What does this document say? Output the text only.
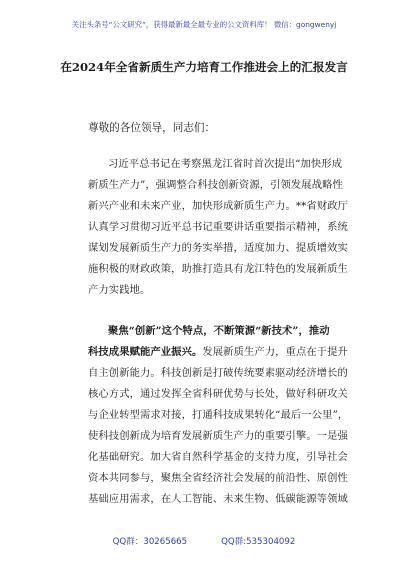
关注头条号“公文研究”，获得最新最全最专业的公文资料库！ 微信：gongwenyj
在2024年全省新质生产力培育工作推进会上的汇报发言
尊敬的各位领导，同志们：
习近平总书记在考察黑龙江省时首次提出“加快形成
新质生产力”，强调整合科技创新资源，引领发展战略性
新兴产业和未来产业，加快形成新质生产力。**省财政厅
认真学习贯彻习近平总书记重要讲话重要指示精神，系统
谋划发展新质生产力的务实举措，适度加力、提质增效实
施积极的财政政策，助推打造具有龙江特色的发展新质生
产力实践地。
聚焦“创新”这个特点，不断策源“新技术”，推动
科技成果赋能产业振兴。发展新质生产力，重点在于提升
自主创新能力。科技创新是打破传统要素驱动经济增长的
核心方式，通过发挥全省科研优势与长处，做好科研攻关
与企业转型需求对接，打通科技成果转化“最后一公里”，
使科技创新成为培育发展新质生产力的重要引擎。一是强
化基础研究。加大省自然科学基金的支持力度，引导社会
资本共同参与，聚焦全省经济社会发展的前沿性、原创性
基础应用需求，在人工智能、未来生物、低碳能源等领域
QQ群：30265665	QQ群:535304092
